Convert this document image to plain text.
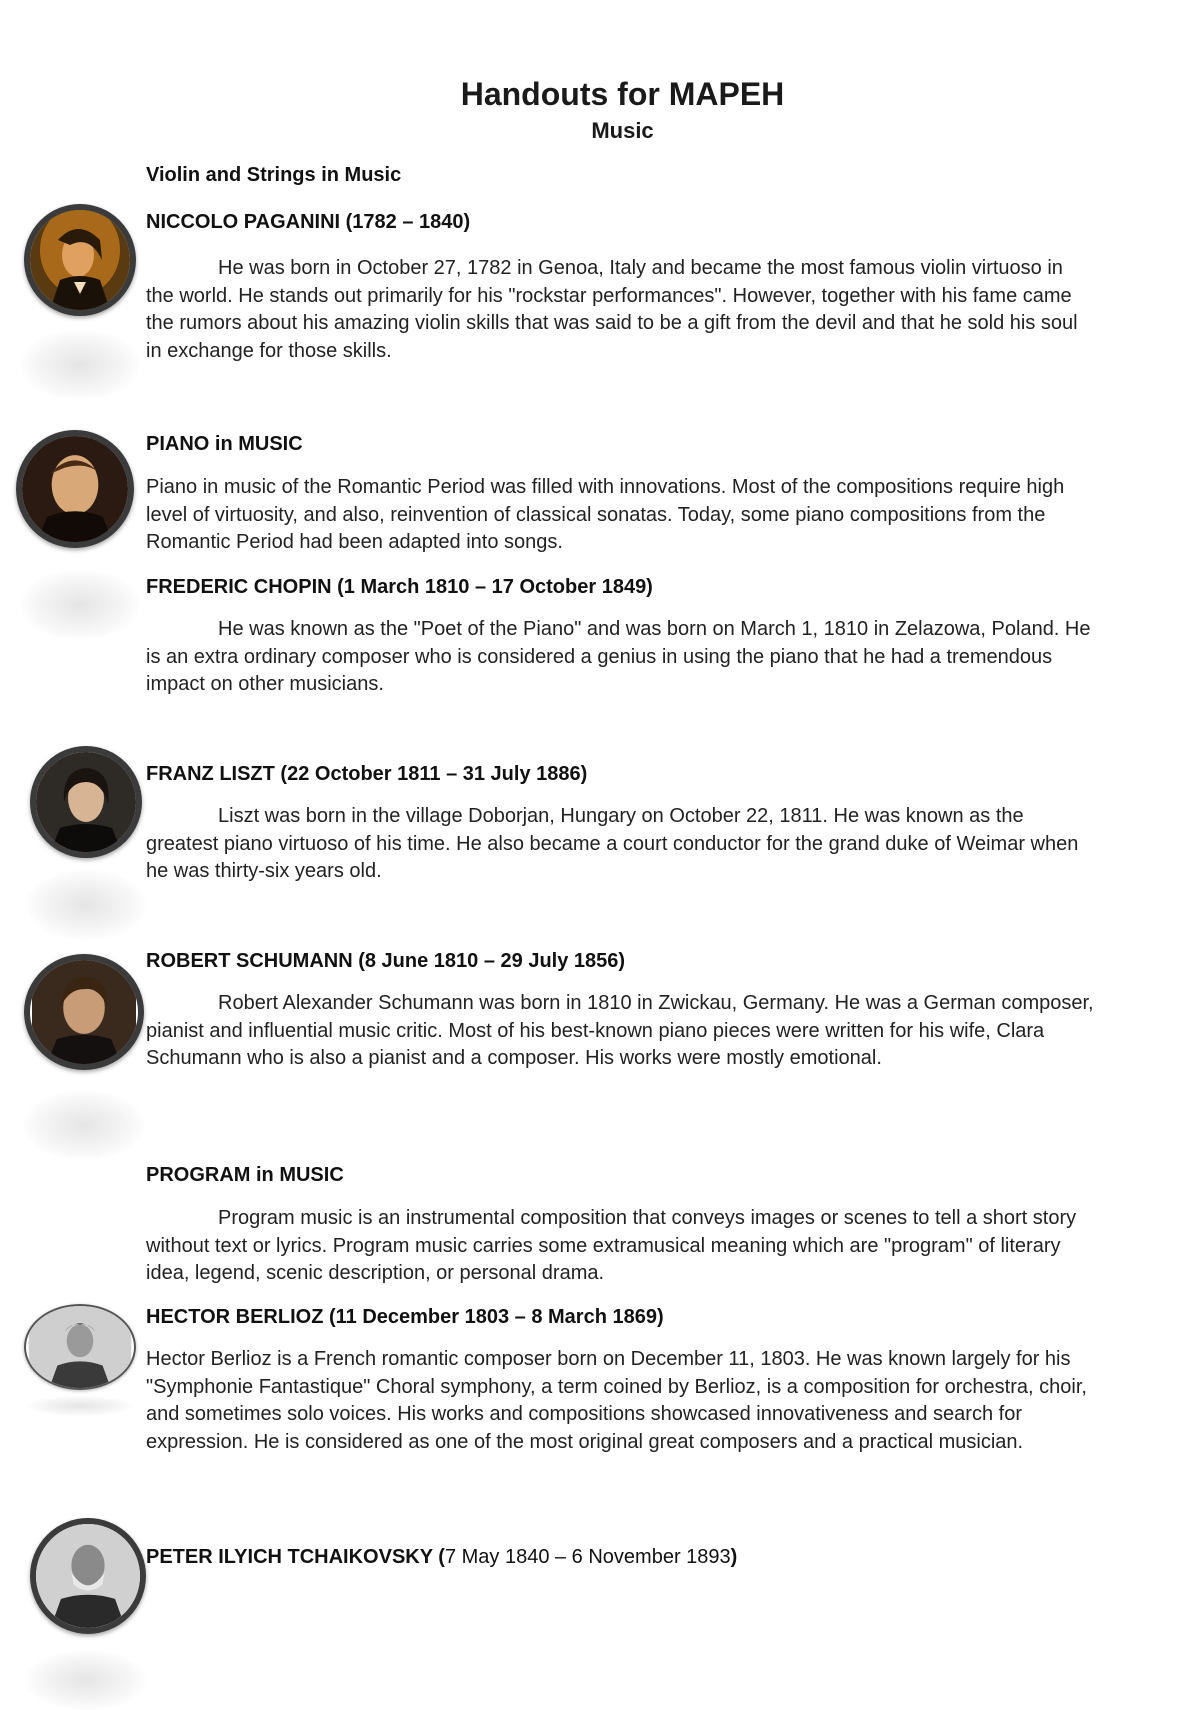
Handouts for MAPEH
Music
Violin and Strings in Music
NICCOLO PAGANINI (1782 – 1840)
He was born in October 27, 1782 in Genoa, Italy and became the most famous violin virtuoso in the world. He stands out primarily for his "rockstar performances". However, together with his fame came the rumors about his amazing violin skills that was said to be a gift from the devil and that he sold his soul in exchange for those skills.
PIANO in MUSIC
Piano in music of the Romantic Period was filled with innovations. Most of the compositions require high level of virtuosity, and also, reinvention of classical sonatas. Today, some piano compositions from the Romantic Period had been adapted into songs.
FREDERIC CHOPIN (1 March 1810 – 17 October 1849)
He was known as the "Poet of the Piano" and was born on March 1, 1810 in Zelazowa, Poland. He is an extra ordinary composer who is considered a genius in using the piano that he had a tremendous impact on other musicians.
FRANZ LISZT (22 October 1811 – 31 July 1886)
Liszt was born in the village Doborjan, Hungary on October 22, 1811. He was known as the greatest piano virtuoso of his time. He also became a court conductor for the grand duke of Weimar when he was thirty-six years old.
ROBERT SCHUMANN (8 June 1810 – 29 July 1856)
Robert Alexander Schumann was born in 1810 in Zwickau, Germany. He was a German composer, pianist and influential music critic. Most of his best-known piano pieces were written for his wife, Clara Schumann who is also a pianist and a composer. His works were mostly emotional.
PROGRAM in MUSIC
Program music is an instrumental composition that conveys images or scenes to tell a short story without text or lyrics. Program music carries some extramusical meaning which are "program" of literary idea, legend, scenic description, or personal drama.
HECTOR BERLIOZ (11 December 1803 – 8 March 1869)
Hector Berlioz is a French romantic composer born on December 11, 1803. He was known largely for his "Symphonie Fantastique" Choral symphony, a term coined by Berlioz, is a composition for orchestra, choir, and sometimes solo voices. His works and compositions showcased innovativeness and search for expression. He is considered as one of the most original great composers and a practical musician.
PETER ILYICH TCHAIKOVSKY (7 May 1840 – 6 November 1893)
